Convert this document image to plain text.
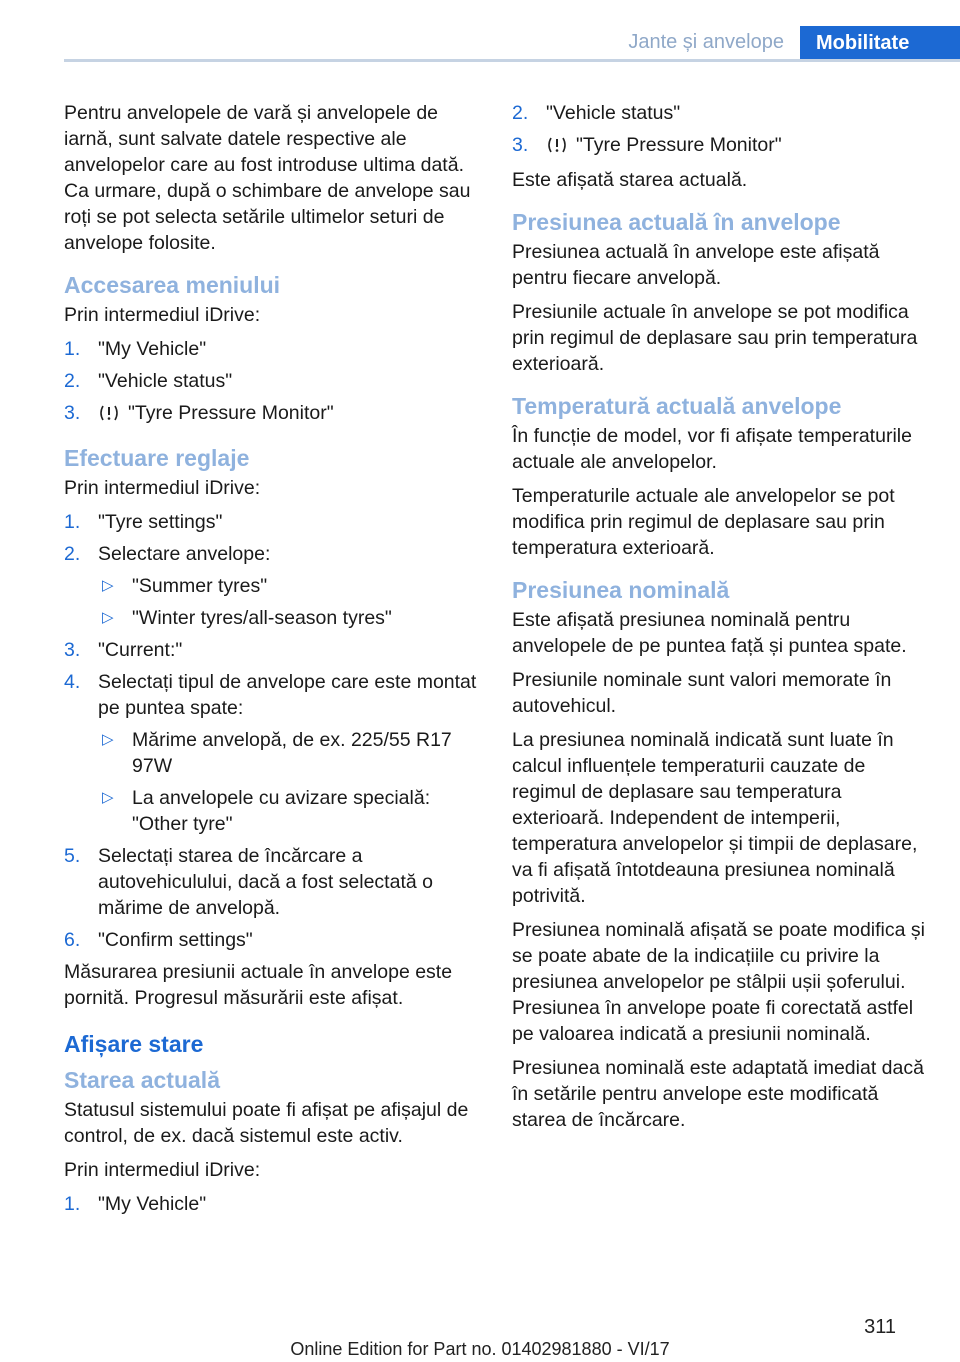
Jante și anvelope	Mobilitate

Pentru anvelopele de vară și anvelopele de iarnă, sunt salvate datele respective ale anvelopelor care au fost introduse ultima dată. Ca urmare, după o schimbare de anvelope sau roți se pot selecta setările ultimelor seturi de anvelope folosite.

Accesarea meniului

Prin intermediul iDrive:

1. "My Vehicle"
2. "Vehicle status"
3. "Tyre Pressure Monitor"
Efectuare reglaje

Prin intermediul iDrive:

1. "Tyre settings"
2. Selectare anvelope:
▷ "Summer tyres"
▷ "Winter tyres/all-season tyres"
3. "Current:"
4. Selectați tipul de anvelope care este montat pe puntea spate:
▷ Mărime anvelopă, de ex. 225/55 R17 97W
▷ La anvelopele cu avizare specială: "Other tyre"
5. Selectați starea de încărcare a autovehiculului, dacă a fost selectată o mărime de anvelopă.
6. "Confirm settings"

Măsurarea presiunii actuale în anvelope este pornită. Progresul măsurării este afișat.

Afișare stare
Starea actuală

Statusul sistemului poate fi afișat pe afișajul de control, de ex. dacă sistemul este activ.

Prin intermediul iDrive:

1. "My Vehicle"
2. "Vehicle status"
3. "Tyre Pressure Monitor"

Este afișată starea actuală.

Presiunea actuală în anvelope

Presiunea actuală în anvelope este afișată pentru fiecare anvelopă.

Presiunile actuale în anvelope se pot modifica prin regimul de deplasare sau prin temperatura exterioară.

Temperatură actuală anvelope

În funcție de model, vor fi afișate temperaturile actuale ale anvelopelor.

Temperaturile actuale ale anvelopelor se pot modifica prin regimul de deplasare sau prin temperatura exterioară.

Presiunea nominală

Este afișată presiunea nominală pentru anvelopele de pe puntea față și puntea spate.

Presiunile nominale sunt valori memorate în autovehicul.

La presiunea nominală indicată sunt luate în calcul influențele temperaturii cauzate de regimul de deplasare sau temperatura exterioară. Independent de intemperii, temperatura anvelopelor și timpii de deplasare, va fi afișată întotdeauna presiunea nominală potrivită.

Presiunea nominală afișată se poate modifica și se poate abate de la indicațiile cu privire la presiunea anvelopelor pe stâlpii ușii șoferului. Presiunea în anvelope poate fi corectată astfel pe valoarea indicată a presiunii nominală.

Presiunea nominală este adaptată imediat dacă în setările pentru anvelope este modificată starea de încărcare.

311
Online Edition for Part no. 01402981880 - VI/17
